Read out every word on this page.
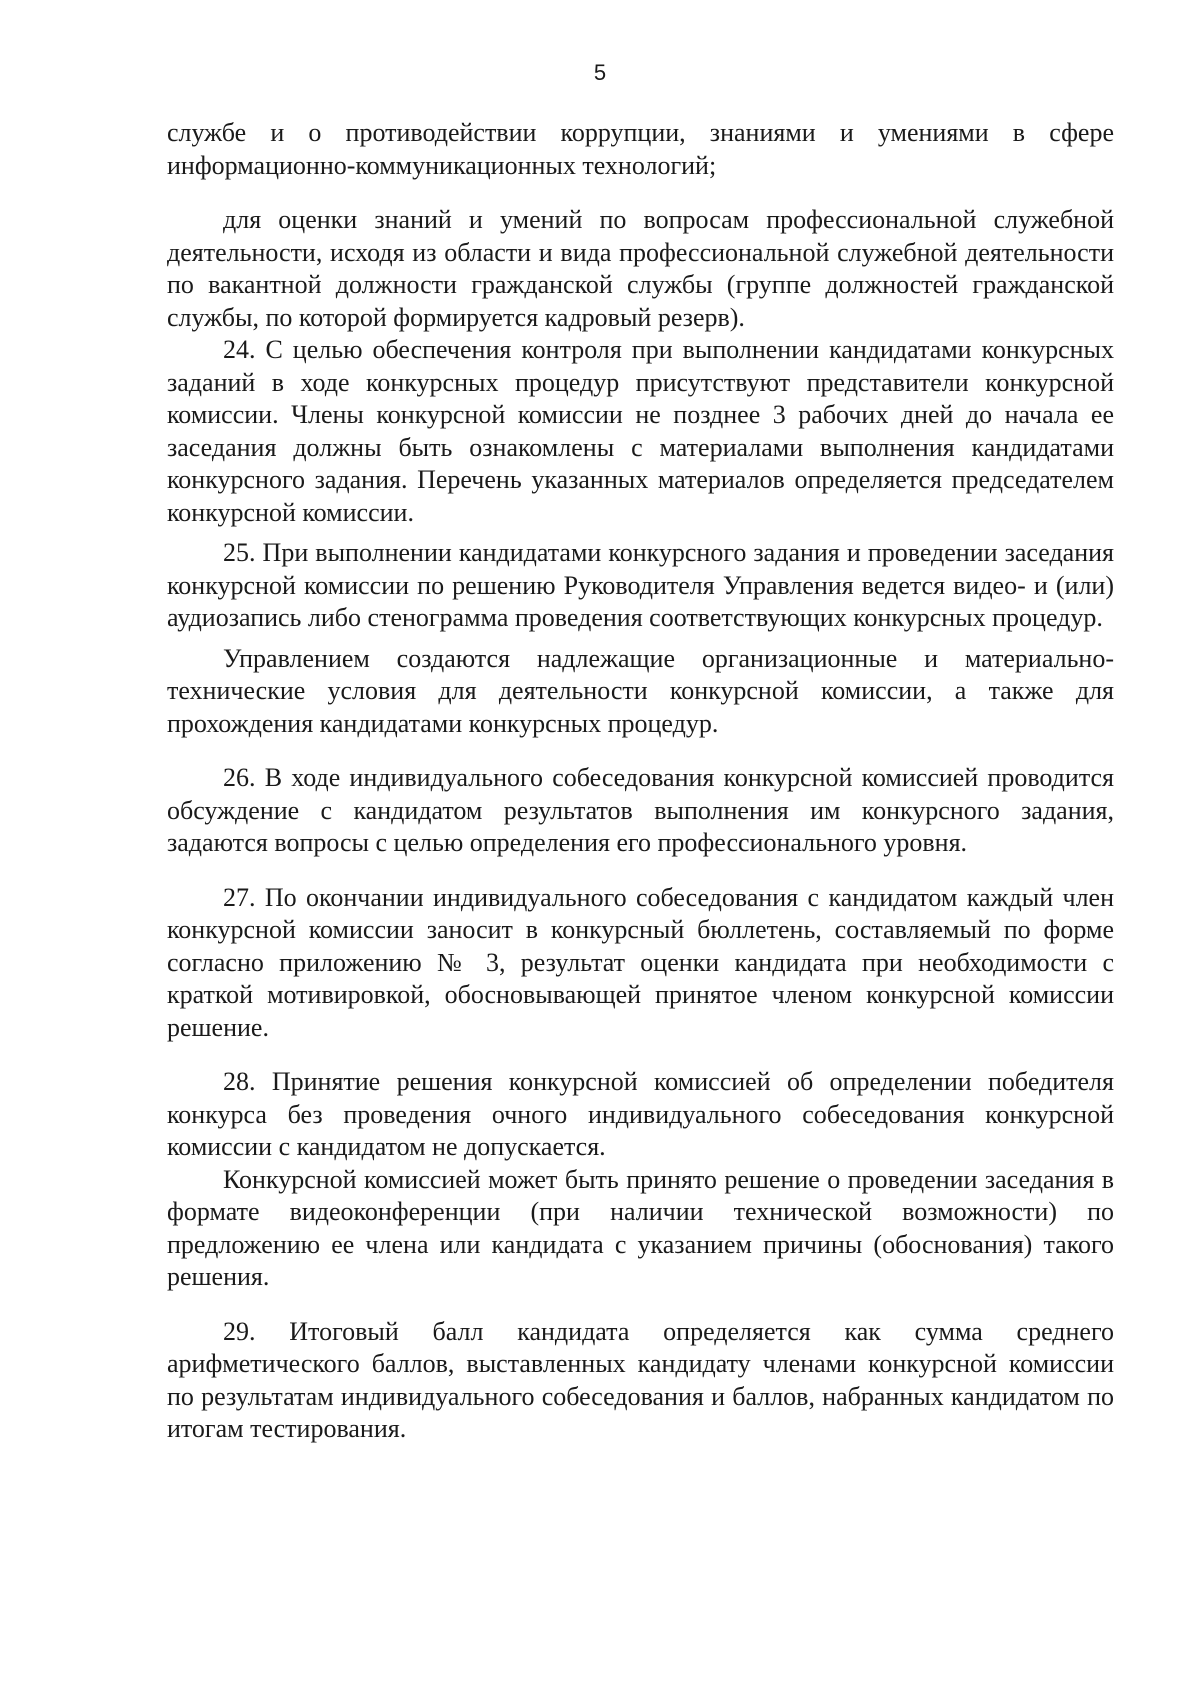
5

службе и о противодействии коррупции, знаниями и умениями в сфере информационно-коммуникационных технологий;

для оценки знаний и умений по вопросам профессиональной служебной деятельности, исходя из области и вида профессиональной служебной деятельности по вакантной должности гражданской службы (группе должностей гражданской службы, по которой формируется кадровый резерв).

24. С целью обеспечения контроля при выполнении кандидатами конкурсных заданий в ходе конкурсных процедур присутствуют представители конкурсной комиссии. Члены конкурсной комиссии не позднее 3 рабочих дней до начала ее заседания должны быть ознакомлены с материалами выполнения кандидатами конкурсного задания. Перечень указанных материалов определяется председателем конкурсной комиссии.

25. При выполнении кандидатами конкурсного задания и проведении заседания конкурсной комиссии по решению Руководителя Управления ведется видео- и (или) аудиозапись либо стенограмма проведения соответствующих конкурсных процедур.

Управлением создаются надлежащие организационные и материально-технические условия для деятельности конкурсной комиссии, а также для прохождения кандидатами конкурсных процедур.

26. В ходе индивидуального собеседования конкурсной комиссией проводится обсуждение с кандидатом результатов выполнения им конкурсного задания, задаются вопросы с целью определения его профессионального уровня.

27. По окончании индивидуального собеседования с кандидатом каждый член конкурсной комиссии заносит в конкурсный бюллетень, составляемый по форме согласно приложению № 3, результат оценки кандидата при необходимости с краткой мотивировкой, обосновывающей принятое членом конкурсной комиссии решение.

28. Принятие решения конкурсной комиссией об определении победителя конкурса без проведения очного индивидуального собеседования конкурсной комиссии с кандидатом не допускается.

Конкурсной комиссией может быть принято решение о проведении заседания в формате видеоконференции (при наличии технической возможности) по предложению ее члена или кандидата с указанием причины (обоснования) такого решения.

29. Итоговый балл кандидата определяется как сумма среднего арифметического баллов, выставленных кандидату членами конкурсной комиссии по результатам индивидуального собеседования и баллов, набранных кандидатом по итогам тестирования.
